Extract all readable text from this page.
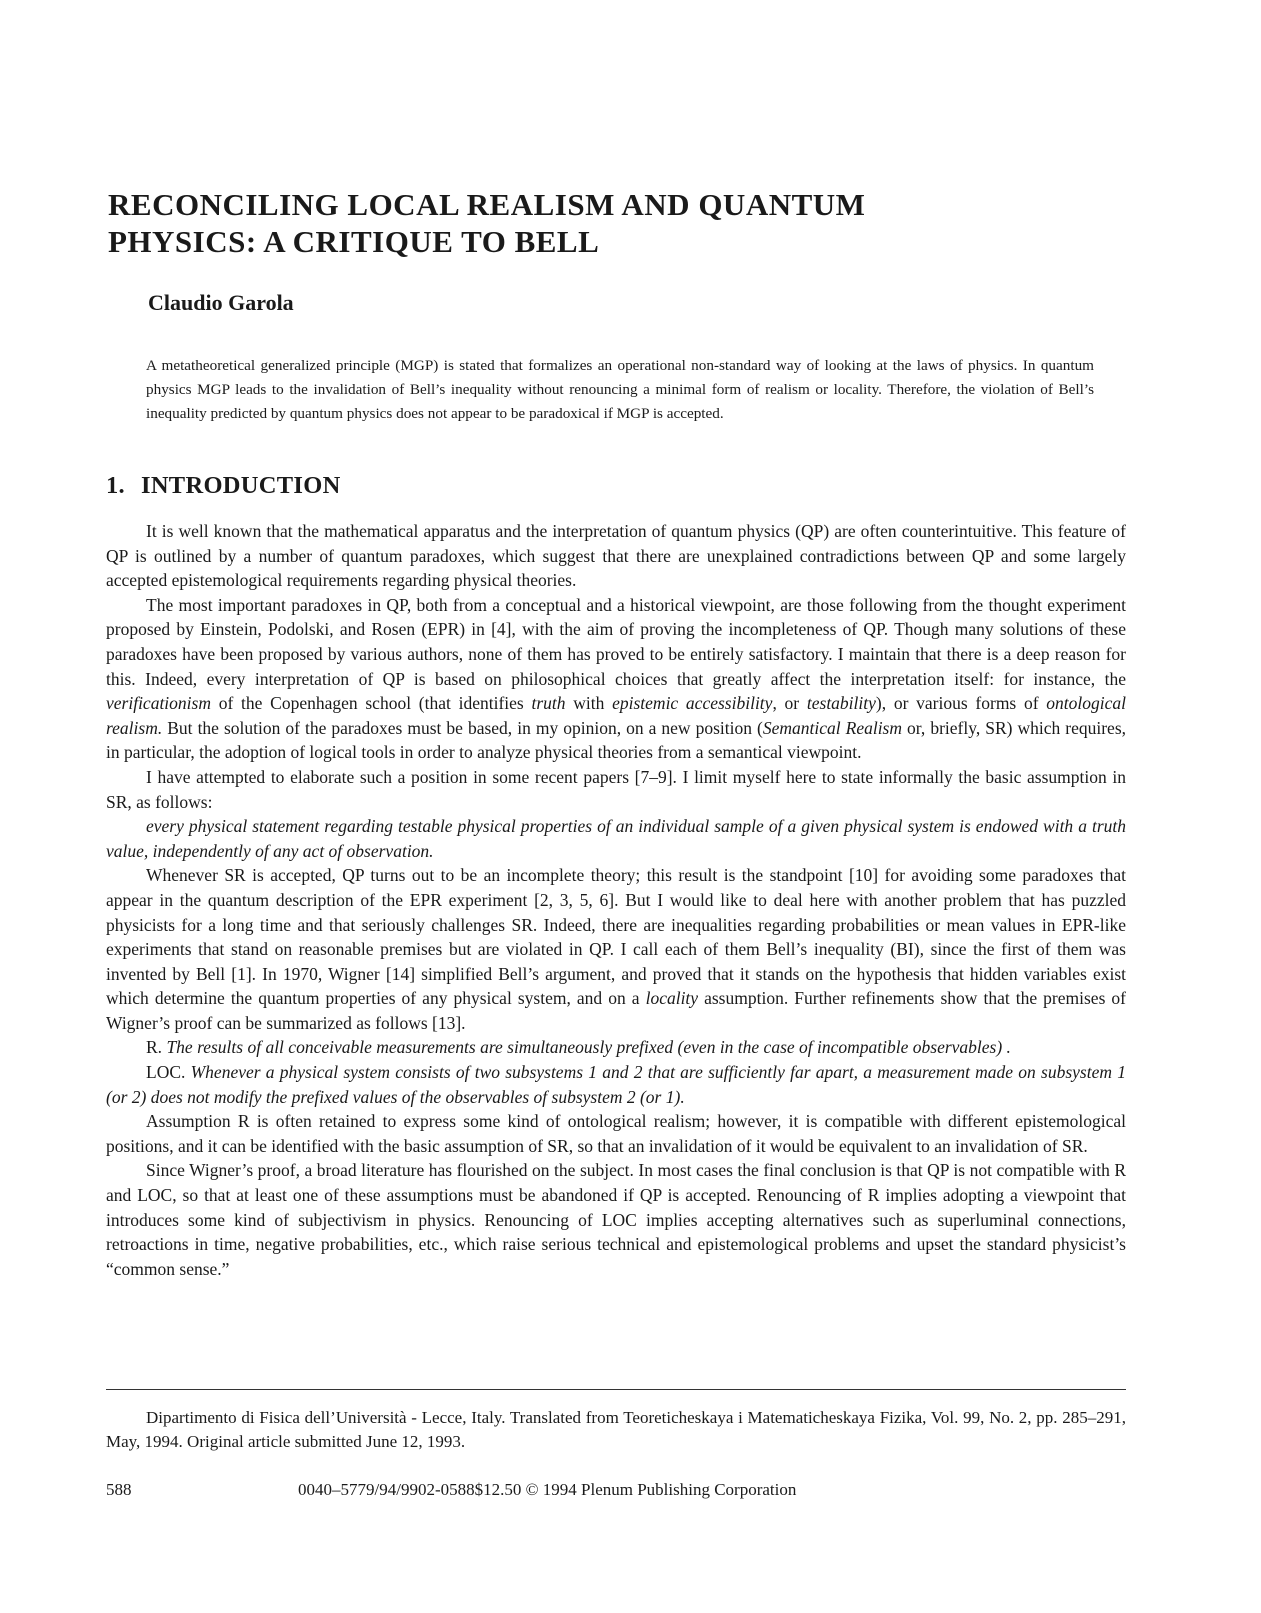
RECONCILING LOCAL REALISM AND QUANTUM
PHYSICS: A CRITIQUE TO BELL

Claudio Garola

A metatheoretical generalized principle (MGP) is stated that formalizes an operational non-standard way of looking at the laws of physics. In quantum physics MGP leads to the invalidation of Bell’s inequality without renouncing a minimal form of realism or locality. Therefore, the violation of Bell’s inequality predicted by quantum physics does not appear to be paradoxical if MGP is accepted.

1. INTRODUCTION

It is well known that the mathematical apparatus and the interpretation of quantum physics (QP) are often counterintuitive. This feature of QP is outlined by a number of quantum paradoxes, which suggest that there are unexplained contradictions between QP and some largely accepted epistemological requirements regarding physical theories.

The most important paradoxes in QP, both from a conceptual and a historical viewpoint, are those following from the thought experiment proposed by Einstein, Podolski, and Rosen (EPR) in [4], with the aim of proving the incompleteness of QP. Though many solutions of these paradoxes have been proposed by various authors, none of them has proved to be entirely satisfactory. I maintain that there is a deep reason for this. Indeed, every interpretation of QP is based on philosophical choices that greatly affect the interpretation itself: for instance, the verificationism of the Copenhagen school (that identifies truth with epistemic accessibility, or testability), or various forms of ontological realism. But the solution of the paradoxes must be based, in my opinion, on a new position (Semantical Realism or, briefly, SR) which requires, in particular, the adoption of logical tools in order to analyze physical theories from a semantical viewpoint.

I have attempted to elaborate such a position in some recent papers [7–9]. I limit myself here to state informally the basic assumption in SR, as follows:

every physical statement regarding testable physical properties of an individual sample of a given physical system is endowed with a truth value, independently of any act of observation.

Whenever SR is accepted, QP turns out to be an incomplete theory; this result is the standpoint [10] for avoiding some paradoxes that appear in the quantum description of the EPR experiment [2, 3, 5, 6]. But I would like to deal here with another problem that has puzzled physicists for a long time and that seriously challenges SR. Indeed, there are inequalities regarding probabilities or mean values in EPR-like experiments that stand on reasonable premises but are violated in QP. I call each of them Bell’s inequality (BI), since the first of them was invented by Bell [1]. In 1970, Wigner [14] simplified Bell’s argument, and proved that it stands on the hypothesis that hidden variables exist which determine the quantum properties of any physical system, and on a locality assumption. Further refinements show that the premises of Wigner’s proof can be summarized as follows [13].

R. The results of all conceivable measurements are simultaneously prefixed (even in the case of incompatible observables) .

LOC. Whenever a physical system consists of two subsystems 1 and 2 that are sufficiently far apart, a measurement made on subsystem 1 (or 2) does not modify the prefixed values of the observables of subsystem 2 (or 1).

Assumption R is often retained to express some kind of ontological realism; however, it is compatible with different epistemological positions, and it can be identified with the basic assumption of SR, so that an invalidation of it would be equivalent to an invalidation of SR.

Since Wigner’s proof, a broad literature has flourished on the subject. In most cases the final conclusion is that QP is not compatible with R and LOC, so that at least one of these assumptions must be abandoned if QP is accepted. Renouncing of R implies adopting a viewpoint that introduces some kind of subjectivism in physics. Renouncing of LOC implies accepting alternatives such as superluminal connections, retroactions in time, negative probabilities, etc., which raise serious technical and epistemological problems and upset the standard physicist’s “common sense.”

Dipartimento di Fisica dell’Università - Lecce, Italy. Translated from Teoreticheskaya i Matematicheskaya Fizika, Vol. 99, No. 2, pp. 285–291, May, 1994. Original article submitted June 12, 1993.

588	0040–5779/94/9902-0588$12.50 © 1994 Plenum Publishing Corporation
